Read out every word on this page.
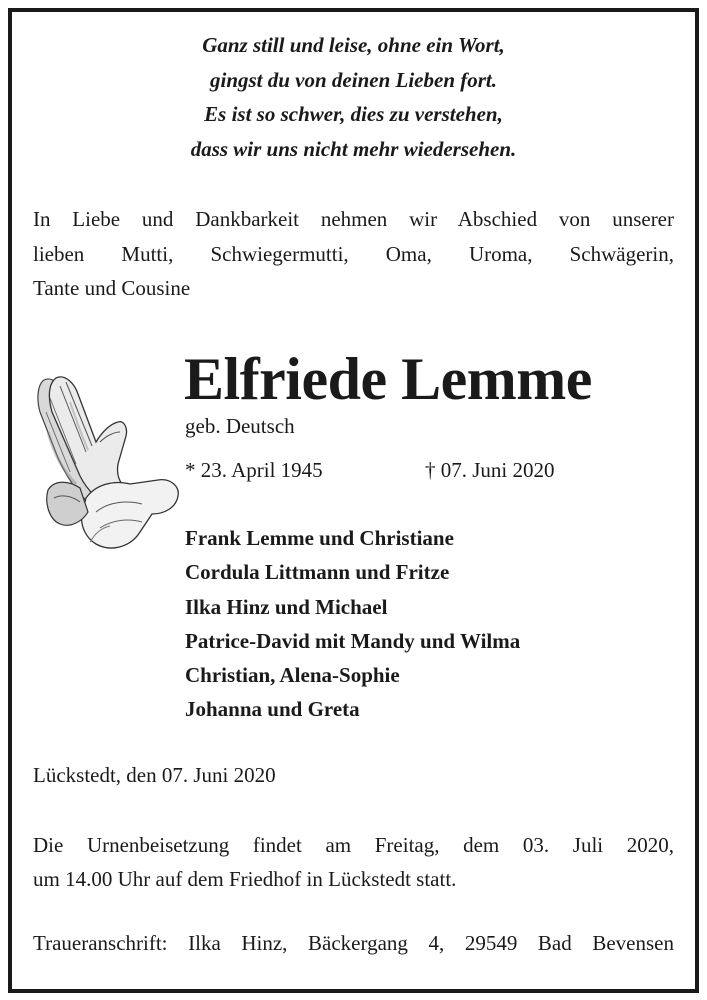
Ganz still und leise, ohne ein Wort,
gingst du von deinen Lieben fort.
Es ist so schwer, dies zu verstehen,
dass wir uns nicht mehr wiedersehen.
In Liebe und Dankbarkeit nehmen wir Abschied von unserer
lieben Mutti, Schwiegermutti, Oma, Uroma, Schwägerin,
Tante und Cousine
Elfriede Lemme
geb. Deutsch
* 23. April 1945	† 07. Juni 2020
Frank Lemme und Christiane
Cordula Littmann und Fritze
Ilka Hinz und Michael
Patrice-David mit Mandy und Wilma
Christian, Alena-Sophie
Johanna und Greta
Lückstedt, den 07. Juni 2020
Die Urnenbeisetzung findet am Freitag, dem 03. Juli 2020,
um 14.00 Uhr auf dem Friedhof in Lückstedt statt.
Traueranschrift: Ilka Hinz, Bäckergang 4, 29549 Bad Bevensen
